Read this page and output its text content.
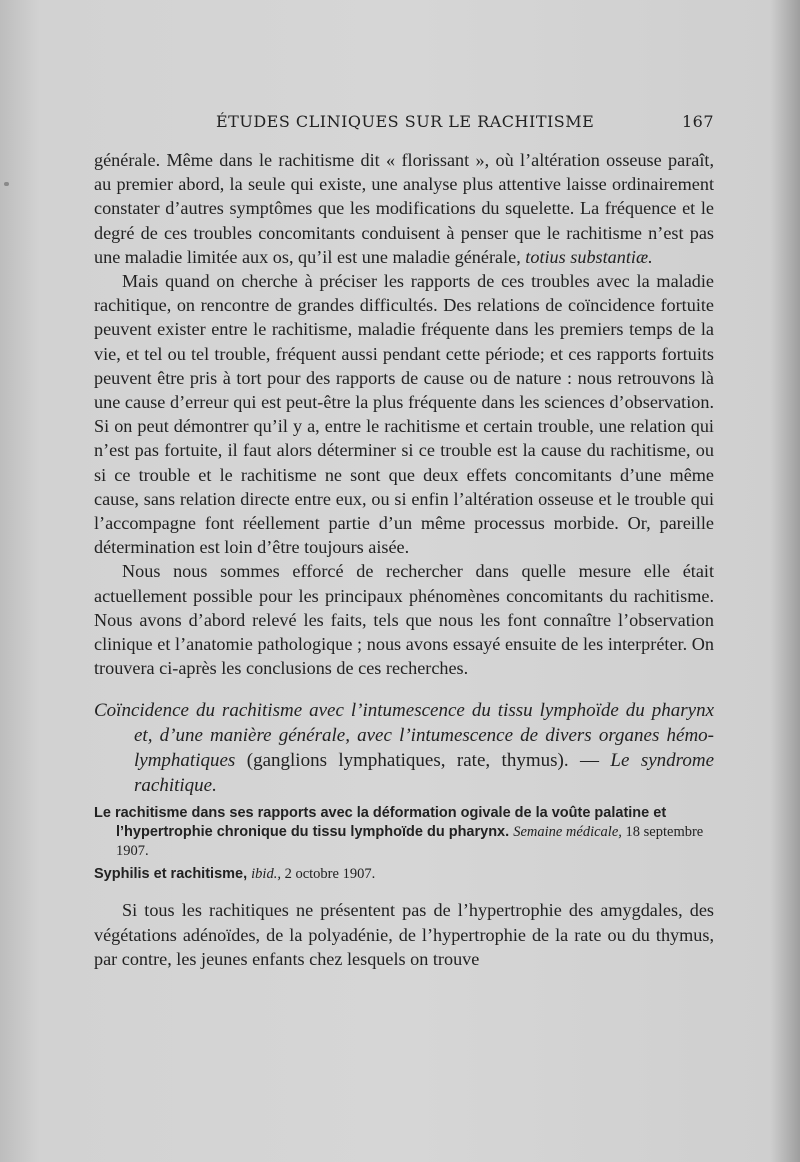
ÉTUDES CLINIQUES SUR LE RACHITISME	167

générale. Même dans le rachitisme dit « florissant », où l’altération osseuse paraît, au premier abord, la seule qui existe, une analyse plus attentive laisse ordinairement constater d’autres symptômes que les modifications du squelette. La fréquence et le degré de ces troubles concomitants conduisent à penser que le rachitisme n’est pas une maladie limitée aux os, qu’il est une maladie générale, totius substantiæ.

Mais quand on cherche à préciser les rapports de ces troubles avec la maladie rachitique, on rencontre de grandes difficultés. Des relations de coïncidence fortuite peuvent exister entre le rachitisme, maladie fréquente dans les premiers temps de la vie, et tel ou tel trouble, fréquent aussi pendant cette période; et ces rapports fortuits peuvent être pris à tort pour des rapports de cause ou de nature : nous retrouvons là une cause d’erreur qui est peut-être la plus fréquente dans les sciences d’observation. Si on peut démontrer qu’il y a, entre le rachitisme et certain trouble, une relation qui n’est pas fortuite, il faut alors déterminer si ce trouble est la cause du rachitisme, ou si ce trouble et le rachitisme ne sont que deux effets concomitants d’une même cause, sans relation directe entre eux, ou si enfin l’altération osseuse et le trouble qui l’accompagne font réellement partie d’un même processus morbide. Or, pareille détermination est loin d’être toujours aisée.

Nous nous sommes efforcé de rechercher dans quelle mesure elle était actuellement possible pour les principaux phénomènes concomitants du rachitisme. Nous avons d’abord relevé les faits, tels que nous les font connaître l’observation clinique et l’anatomie pathologique ; nous avons essayé ensuite de les interpréter. On trouvera ci-après les conclusions de ces recherches.

Coïncidence du rachitisme avec l’intumescence du tissu lymphoïde du pharynx et, d’une manière générale, avec l’intumescence de divers organes hémo-lymphatiques (ganglions lymphatiques, rate, thymus). — Le syndrome rachitique.

Le rachitisme dans ses rapports avec la déformation ogivale de la voûte palatine et l’hypertrophie chronique du tissu lymphoïde du pharynx. Semaine médicale, 18 septembre 1907.

Syphilis et rachitisme, ibid., 2 octobre 1907.

Si tous les rachitiques ne présentent pas de l’hypertrophie des amygdales, des végétations adénoïdes, de la polyadénie, de l’hypertrophie de la rate ou du thymus, par contre, les jeunes enfants chez lesquels on trouve
